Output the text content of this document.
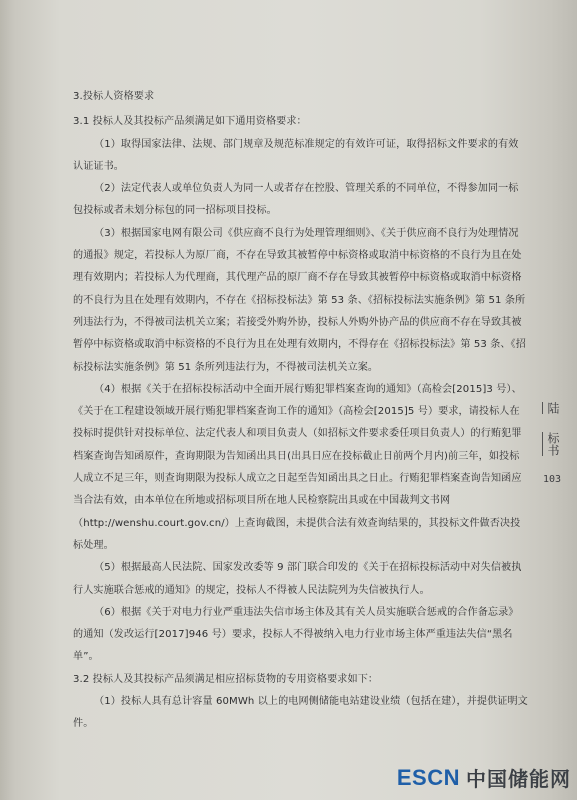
3.投标人资格要求

3.1 投标人及其投标产品须满足如下通用资格要求：

（1）取得国家法律、法规、部门规章及规范标准规定的有效许可证，取得招标文件要求的有效认证证书。

（2）法定代表人或单位负责人为同一人或者存在控股、管理关系的不同单位，不得参加同一标包投标或者未划分标包的同一招标项目投标。

（3）根据国家电网有限公司《供应商不良行为处理管理细则》、《关于供应商不良行为处理情况的通报》规定，若投标人为原厂商，不存在导致其被暂停中标资格或取消中标资格的不良行为且在处理有效期内；若投标人为代理商，其代理产品的原厂商不存在导致其被暂停中标资格或取消中标资格的不良行为且在处理有效期内，不存在《招标投标法》第 53 条、《招标投标法实施条例》第 51 条所列违法行为，不得被司法机关立案；若接受外购外协，投标人外购外协产品的供应商不存在导致其被暂停中标资格或取消中标资格的不良行为且在处理有效期内，不得存在《招标投标法》第 53 条、《招标投标法实施条例》第 51 条所列违法行为，不得被司法机关立案。

（4）根据《关于在招标投标活动中全面开展行贿犯罪档案查询的通知》（高检会[2015]3 号）、《关于在工程建设领域开展行贿犯罪档案查询工作的通知》（高检会[2015]5 号）要求，请投标人在投标时提供针对投标单位、法定代表人和项目负责人（如招标文件要求委任项目负责人）的行贿犯罪档案查询告知函原件，查询期限为告知函出具日(出具日应在投标截止日前两个月内)前三年，如投标人成立不足三年，则查询期限为投标人成立之日起至告知函出具之日止。行贿犯罪档案查询告知函应当合法有效，由本单位在所地或招标项目所在地人民检察院出具或在中国裁判文书网（http://wenshu.court.gov.cn/）上查询截图，未提供合法有效查询结果的，其投标文件做否决投标处理。

（5）根据最高人民法院、国家发改委等 9 部门联合印发的《关于在招标投标活动中对失信被执行人实施联合惩戒的通知》的规定，投标人不得被人民法院列为失信被执行人。

（6）根据《关于对电力行业严重违法失信市场主体及其有关人员实施联合惩戒的合作备忘录》的通知（发改运行[2017]946 号）要求，投标人不得被纳入电力行业市场主体严重违法失信“黑名单”。

3.2 投标人及其投标产品须满足相应招标货物的专用资格要求如下：

（1）投标人具有总计容量 60MWh 以上的电网侧储能电站建设业绩（包括在建），并提供证明文件。

陆
标书
103
ESCN 中国储能网
